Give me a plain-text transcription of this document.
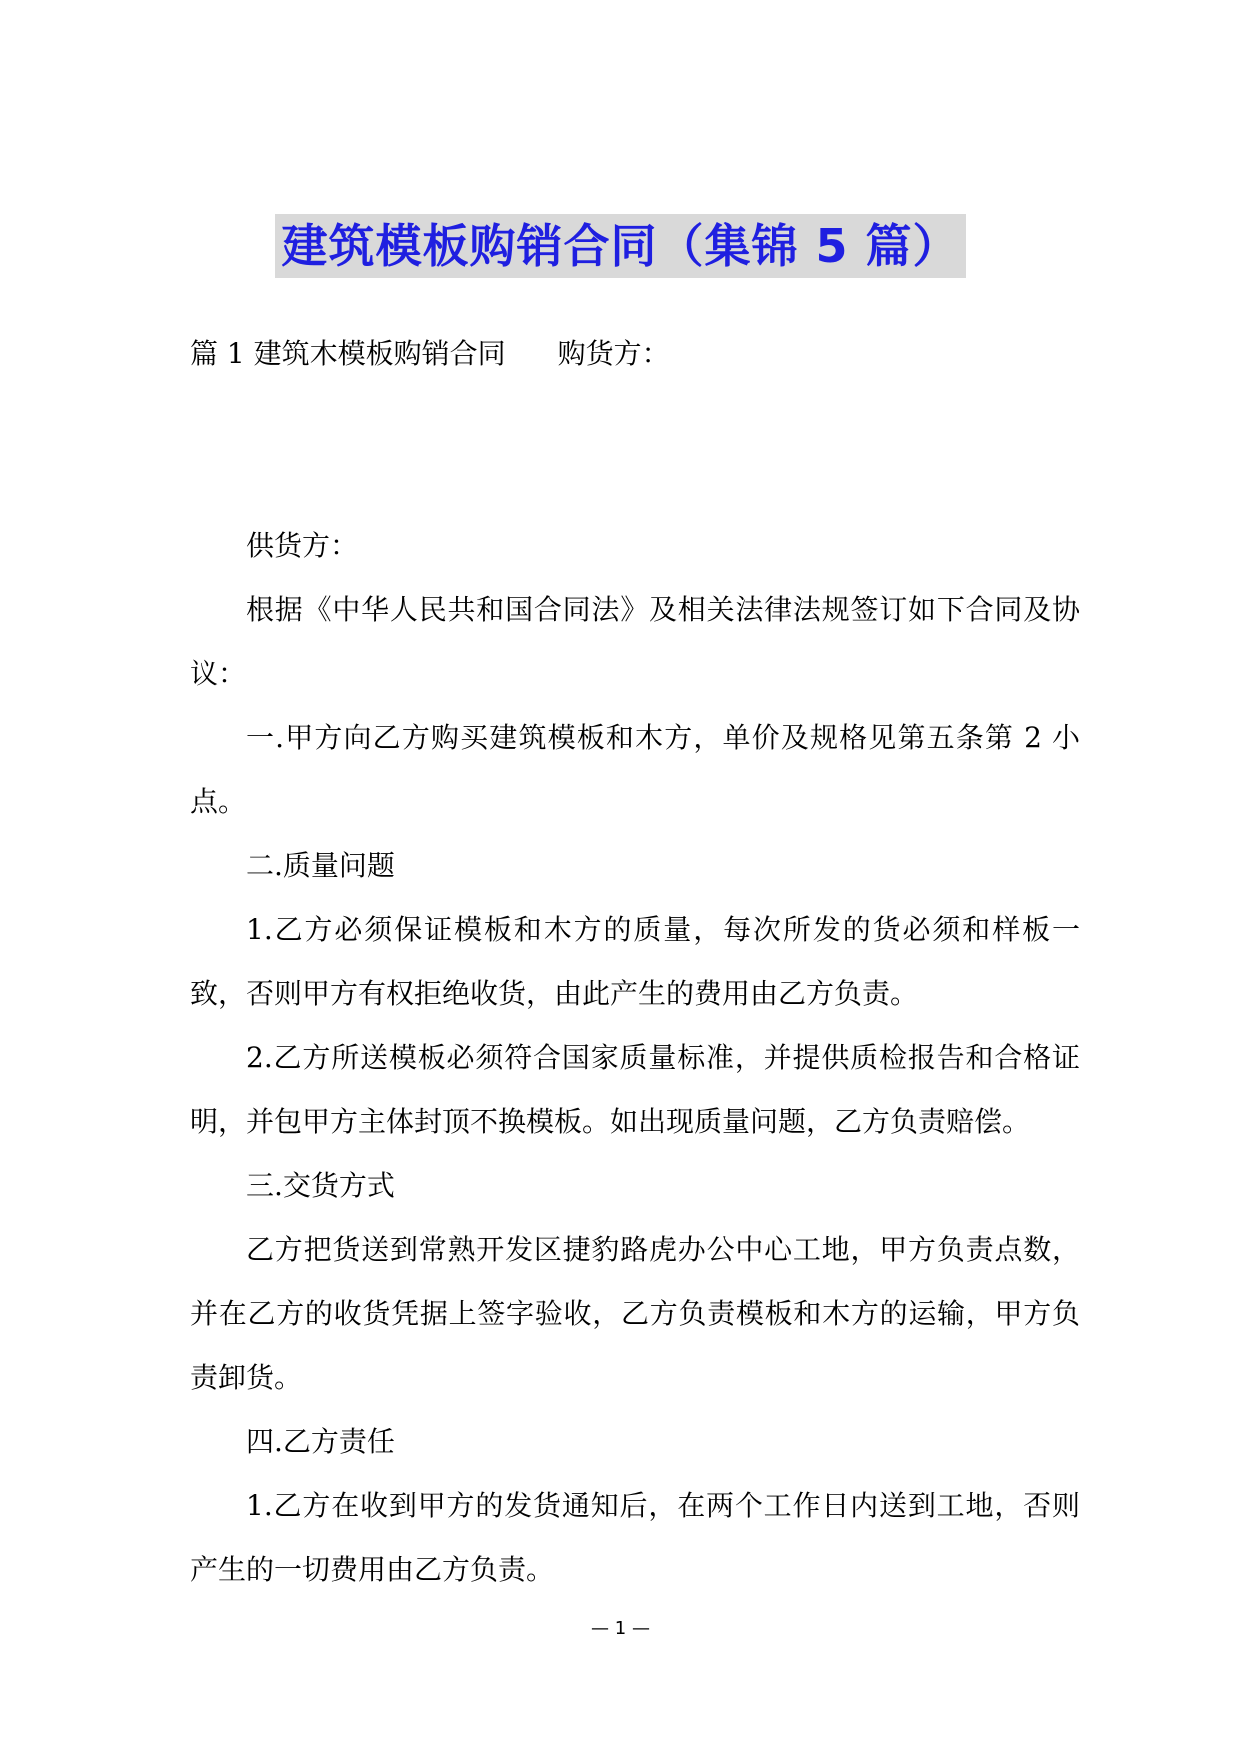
建筑模板购销合同（集锦 5 篇）

篇 1 建筑木模板购销合同 购货方：

供货方：

根据《中华人民共和国合同法》及相关法律法规签订如下合同及协议：

一.甲方向乙方购买建筑模板和木方，单价及规格见第五条第 2 小点。

二.质量问题

1.乙方必须保证模板和木方的质量，每次所发的货必须和样板一致，否则甲方有权拒绝收货，由此产生的费用由乙方负责。

2.乙方所送模板必须符合国家质量标准，并提供质检报告和合格证明，并包甲方主体封顶不换模板。如出现质量问题，乙方负责赔偿。

三.交货方式

乙方把货送到常熟开发区捷豹路虎办公中心工地，甲方负责点数，并在乙方的收货凭据上签字验收，乙方负责模板和木方的运输，甲方负责卸货。

四.乙方责任

1.乙方在收到甲方的发货通知后，在两个工作日内送到工地，否则产生的一切费用由乙方负责。

— 1 —
